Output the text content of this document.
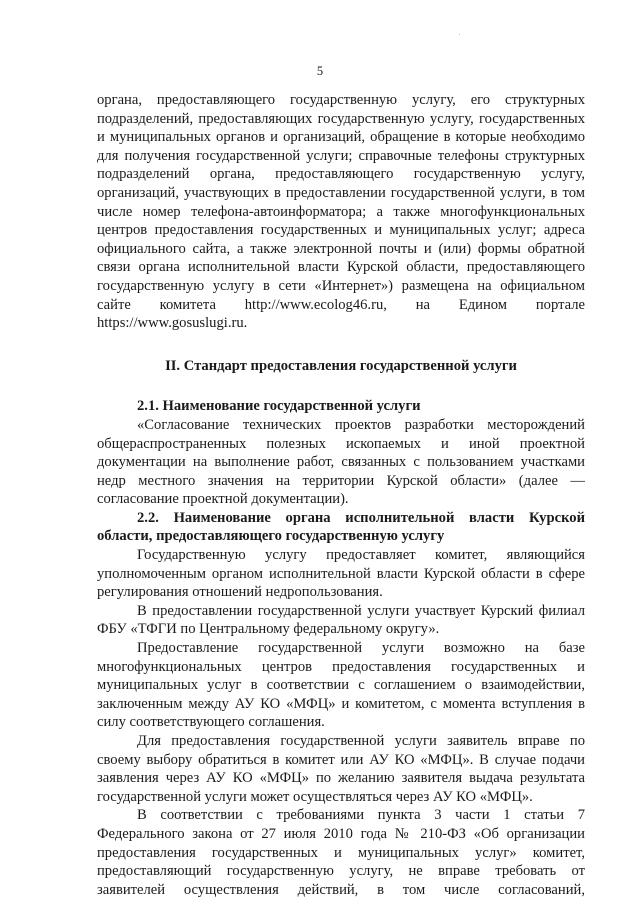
5

органа, предоставляющего государственную услугу, его структурных подразделений, предоставляющих государственную услугу, государственных и муниципальных органов и организаций, обращение в которые необходимо для получения государственной услуги; справочные телефоны структурных подразделений органа, предоставляющего государственную услугу, организаций, участвующих в предоставлении государственной услуги, в том числе номер телефона-автоинформатора; а также многофункциональных центров предоставления государственных и муниципальных услуг; адреса официального сайта, а также электронной почты и (или) формы обратной связи органа исполнительной власти Курской области, предоставляющего государственную услугу в сети «Интернет») размещена на официальном сайте комитета http://www.ecolog46.ru, на Едином портале https://www.gosuslugi.ru.

II. Стандарт предоставления государственной услуги

2.1. Наименование государственной услуги

«Согласование технических проектов разработки месторождений общераспространенных полезных ископаемых и иной проектной документации на выполнение работ, связанных с пользованием участками недр местного значения на территории Курской области» (далее — согласование проектной документации).

2.2. Наименование органа исполнительной власти Курской области, предоставляющего государственную услугу

Государственную услугу предоставляет комитет, являющийся уполномоченным органом исполнительной власти Курской области в сфере регулирования отношений недропользования.

В предоставлении государственной услуги участвует Курский филиал ФБУ «ТФГИ по Центральному федеральному округу».

Предоставление государственной услуги возможно на базе многофункциональных центров предоставления государственных и муниципальных услуг в соответствии с соглашением о взаимодействии, заключенным между АУ КО «МФЦ» и комитетом, с момента вступления в силу соответствующего соглашения.

Для предоставления государственной услуги заявитель вправе по своему выбору обратиться в комитет или АУ КО «МФЦ». В случае подачи заявления через АУ КО «МФЦ» по желанию заявителя выдача результата государственной услуги может осуществляться через АУ КО «МФЦ».

В соответствии с требованиями пункта 3 части 1 статьи 7 Федерального закона от 27 июля 2010 года № 210-ФЗ «Об организации предоставления государственных и муниципальных услуг» комитет, предоставляющий государственную услугу, не вправе требовать от заявителей осуществления действий, в том числе согласований,
